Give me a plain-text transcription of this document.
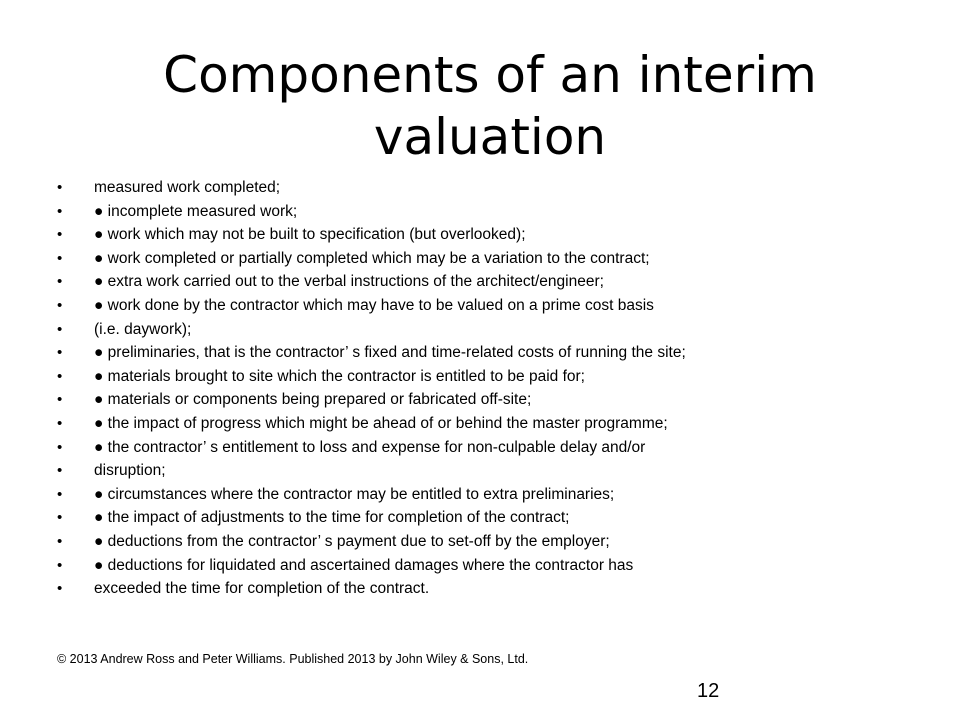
Components of an interim
valuation
• measured work completed;
• ● incomplete measured work;
• ● work which may not be built to specification (but overlooked);
• ● work completed or partially completed which may be a variation to the contract;
• ● extra work carried out to the verbal instructions of the architect/engineer;
• ● work done by the contractor which may have to be valued on a prime cost basis
• (i.e. daywork);
• ● preliminaries, that is the contractor’ s fixed and time-related costs of running the site;
• ● materials brought to site which the contractor is entitled to be paid for;
• ● materials or components being prepared or fabricated off-site;
• ● the impact of progress which might be ahead of or behind the master programme;
• ● the contractor’ s entitlement to loss and expense for non-culpable delay and/or
• disruption;
• ● circumstances where the contractor may be entitled to extra preliminaries;
• ● the impact of adjustments to the time for completion of the contract;
• ● deductions from the contractor’ s payment due to set-off by the employer;
• ● deductions for liquidated and ascertained damages where the contractor has
• exceeded the time for completion of the contract.
© 2013 Andrew Ross and Peter Williams. Published 2013 by John Wiley & Sons, Ltd.
12
